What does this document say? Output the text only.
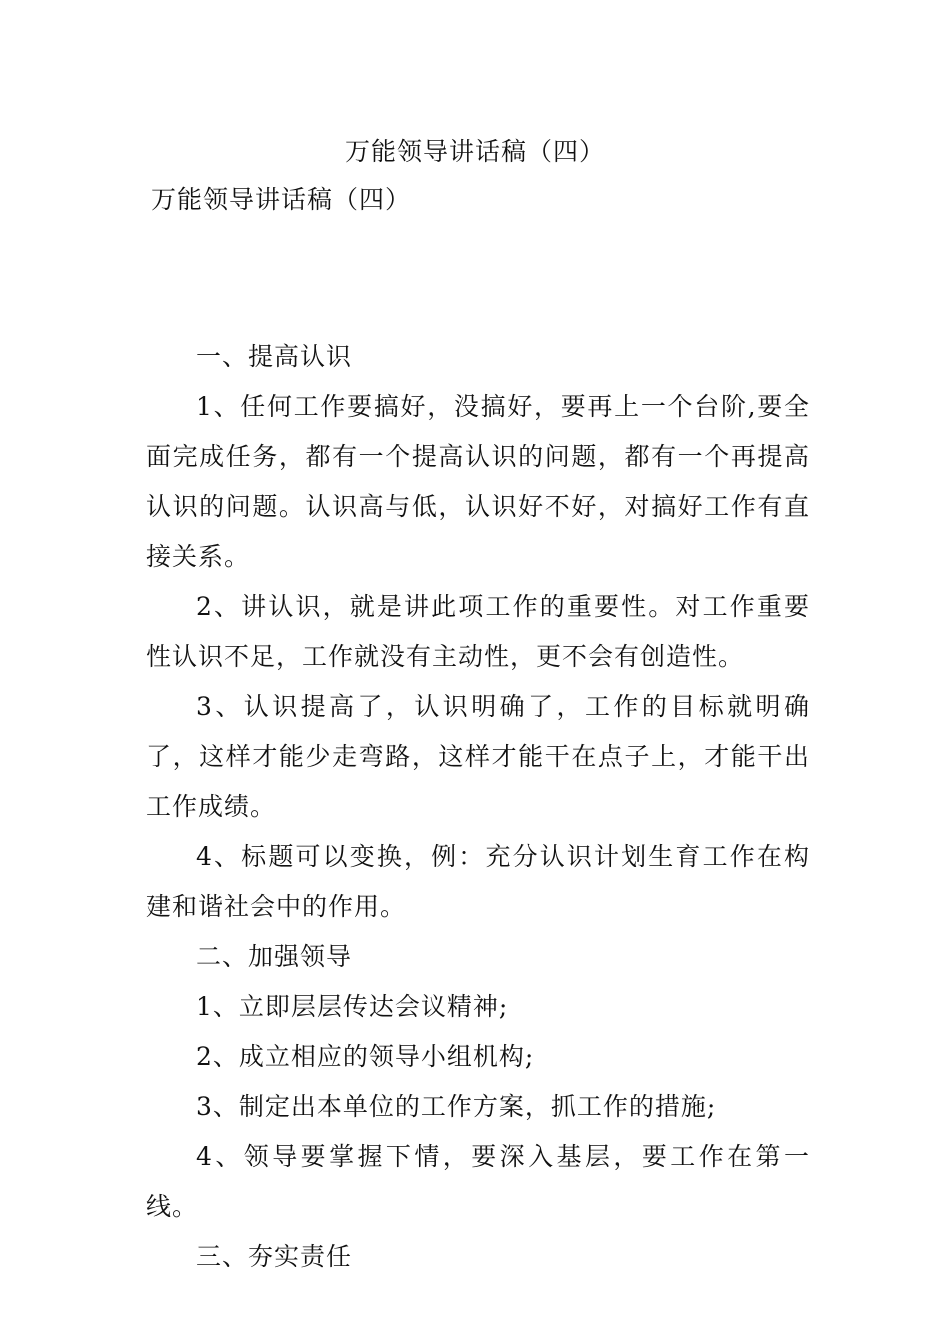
万能领导讲话稿（四）
万能领导讲话稿（四）

一、提高认识

1、任何工作要搞好，没搞好，要再上一个台阶,要全面完成任务，都有一个提高认识的问题，都有一个再提高认识的问题。认识高与低，认识好不好，对搞好工作有直接关系。

2、讲认识，就是讲此项工作的重要性。对工作重要性认识不足，工作就没有主动性，更不会有创造性。

3、认识提高了，认识明确了，工作的目标就明确了，这样才能少走弯路，这样才能干在点子上，才能干出工作成绩。

4、标题可以变换，例：充分认识计划生育工作在构建和谐社会中的作用。

二、加强领导

1、立即层层传达会议精神;

2、成立相应的领导小组机构;

3、制定出本单位的工作方案，抓工作的措施;

4、领导要掌握下情，要深入基层，要工作在第一线。

三、夯实责任
